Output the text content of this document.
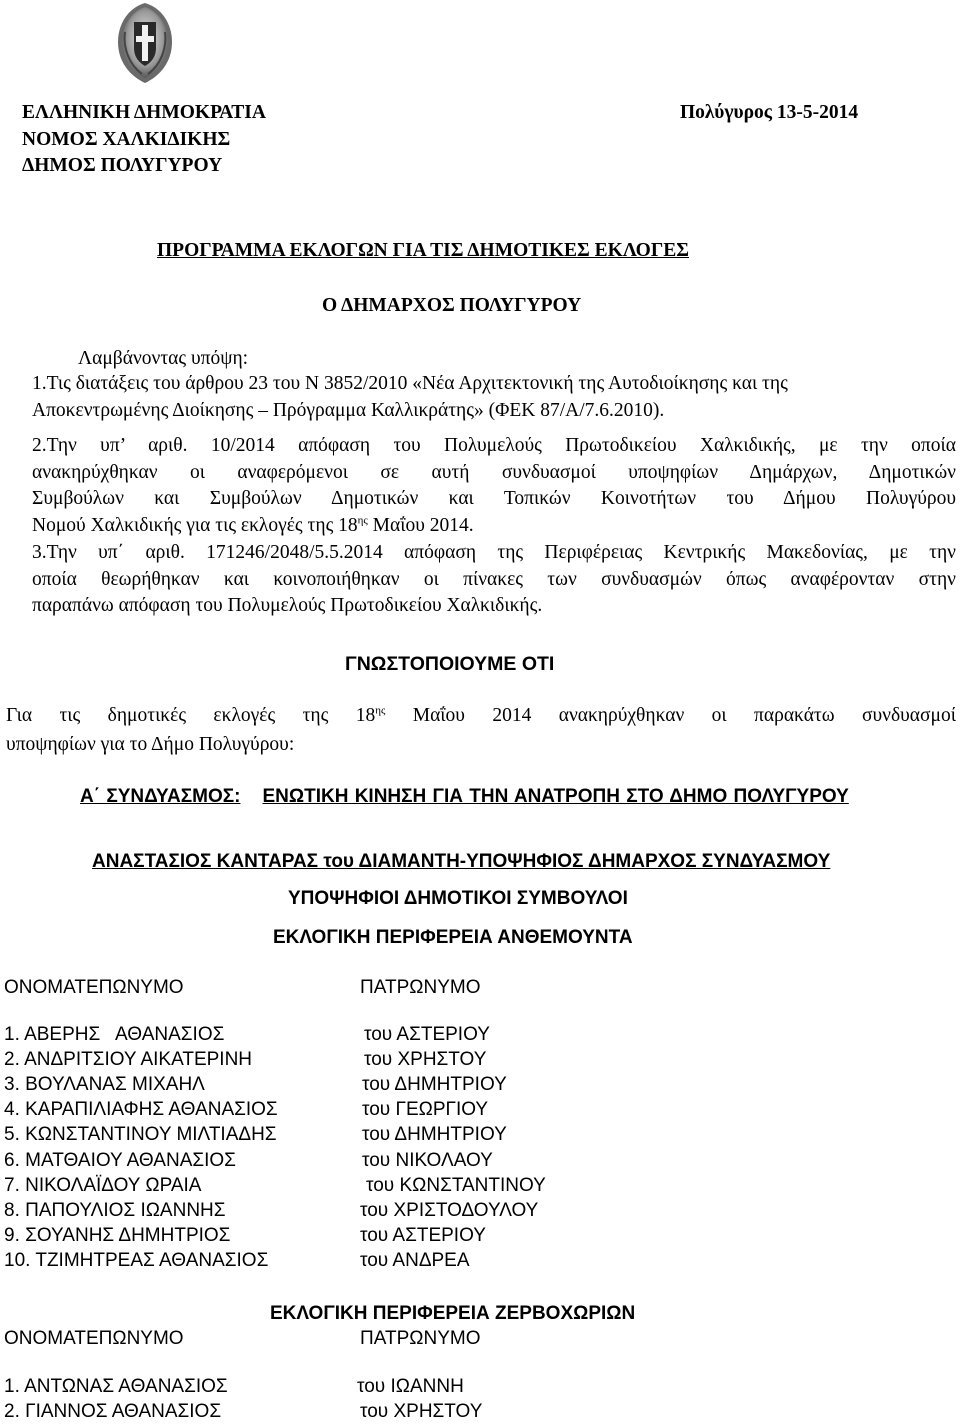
ΕΛΛΗΝΙΚΗ ΔΗΜΟΚΡΑΤΙΑ
ΝΟΜΟΣ ΧΑΛΚΙΔΙΚΗΣ
ΔΗΜΟΣ ΠΟΛΥΓΥΡΟΥ
Πολύγυρος 13-5-2014
ΠΡΟΓΡΑΜΜΑ ΕΚΛΟΓΩΝ ΓΙΑ ΤΙΣ ΔΗΜΟΤΙΚΕΣ ΕΚΛΟΓΕΣ
Ο ΔΗΜΑΡΧΟΣ ΠΟΛΥΓΥΡΟΥ
Λαμβάνοντας υπόψη:
1.Τις διατάξεις του άρθρου 23 του Ν 3852/2010 «Νέα Αρχιτεκτονική της Αυτοδιοίκησης και της
Αποκεντρωμένης Διοίκησης – Πρόγραμμα Καλλικράτης» (ΦΕΚ 87/Α/7.6.2010).
2.Την υπ’ αριθ. 10/2014 απόφαση του Πολυμελούς Πρωτοδικείου Χαλκιδικής, με την οποία
ανακηρύχθηκαν οι αναφερόμενοι σε αυτή συνδυασμοί υποψηφίων Δημάρχων, Δημοτικών
Συμβούλων και Συμβούλων Δημοτικών και Τοπικών Κοινοτήτων του Δήμου Πολυγύρου
Νομού Χαλκιδικής για τις εκλογές της $18^{\eta\varsigma}$ Μαΐου 2014.
3.Την υπ΄ αριθ. 171246/2048/5.5.2014 απόφαση της Περιφέρειας Κεντρικής Μακεδονίας, με την
οποία θεωρήθηκαν και κοινοποιήθηκαν οι πίνακες των συνδυασμών όπως αναφέρονταν στην
παραπάνω απόφαση του Πολυμελούς Πρωτοδικείου Χαλκιδικής.
ΓΝΩΣΤΟΠΟΙΟΥΜΕ ΟΤΙ
Για τις δημοτικές εκλογές της $18^{\eta\varsigma}$ Μαΐου 2014 ανακηρύχθηκαν οι παρακάτω συνδυασμοί
υποψηφίων για το Δήμο Πολυγύρου:
Α΄ ΣΥΝΔΥΑΣΜΟΣ: ΕΝΩΤΙΚΗ ΚΙΝΗΣΗ ΓΙΑ ΤΗΝ ΑΝΑΤΡΟΠΗ ΣΤΟ ΔΗΜΟ ΠΟΛΥΓΥΡΟΥ
ΑΝΑΣΤΑΣΙΟΣ ΚΑΝΤΑΡΑΣ του ΔΙΑΜΑΝΤΗ-ΥΠΟΨΗΦΙΟΣ ΔΗΜΑΡΧΟΣ ΣΥΝΔΥΑΣΜΟΥ
ΥΠΟΨΗΦΙΟΙ ΔΗΜΟΤΙΚΟΙ ΣΥΜΒΟΥΛΟΙ
ΕΚΛΟΓΙΚΗ ΠΕΡΙΦΕΡΕΙΑ ΑΝΘΕΜΟΥΝΤΑ
ΟΝΟΜΑΤΕΠΩΝΥΜΟ	ΠΑΤΡΩΝΥΜΟ
1. ΑΒΕΡΗΣ   ΑΘΑΝΑΣΙΟΣ	του ΑΣΤΕΡΙΟΥ
2. ΑΝΔΡΙΤΣΙΟΥ ΑΙΚΑΤΕΡΙΝΗ	του ΧΡΗΣΤΟΥ
3. ΒΟΥΛΑΝΑΣ ΜΙΧΑΗΛ	του ΔΗΜΗΤΡΙΟΥ
4. ΚΑΡΑΠΙΛΙΑΦΗΣ ΑΘΑΝΑΣΙΟΣ	του ΓΕΩΡΓΙΟΥ
5. ΚΩΝΣΤΑΝΤΙΝΟΥ ΜΙΛΤΙΑΔΗΣ	του ΔΗΜΗΤΡΙΟΥ
6. ΜΑΤΘΑΙΟΥ ΑΘΑΝΑΣΙΟΣ	του ΝΙΚΟΛΑΟΥ
7. ΝΙΚΟΛΑΪΔΟΥ ΩΡΑΙΑ	του ΚΩΝΣΤΑΝΤΙΝΟΥ
8. ΠΑΠΟΥΛΙΟΣ ΙΩΑΝΝΗΣ	του ΧΡΙΣΤΟΔΟΥΛΟΥ
9. ΣΟΥΑΝΗΣ ΔΗΜΗΤΡΙΟΣ	του ΑΣΤΕΡΙΟΥ
10. ΤΖΙΜΗΤΡΕΑΣ ΑΘΑΝΑΣΙΟΣ	του ΑΝΔΡΕΑ
ΕΚΛΟΓΙΚΗ ΠΕΡΙΦΕΡΕΙΑ ΖΕΡΒΟΧΩΡΙΩΝ
ΟΝΟΜΑΤΕΠΩΝΥΜΟ	ΠΑΤΡΩΝΥΜΟ
1. ΑΝΤΩΝΑΣ ΑΘΑΝΑΣΙΟΣ	του ΙΩΑΝΝΗ
2. ΓΙΑΝΝΟΣ ΑΘΑΝΑΣΙΟΣ	του ΧΡΗΣΤΟΥ
